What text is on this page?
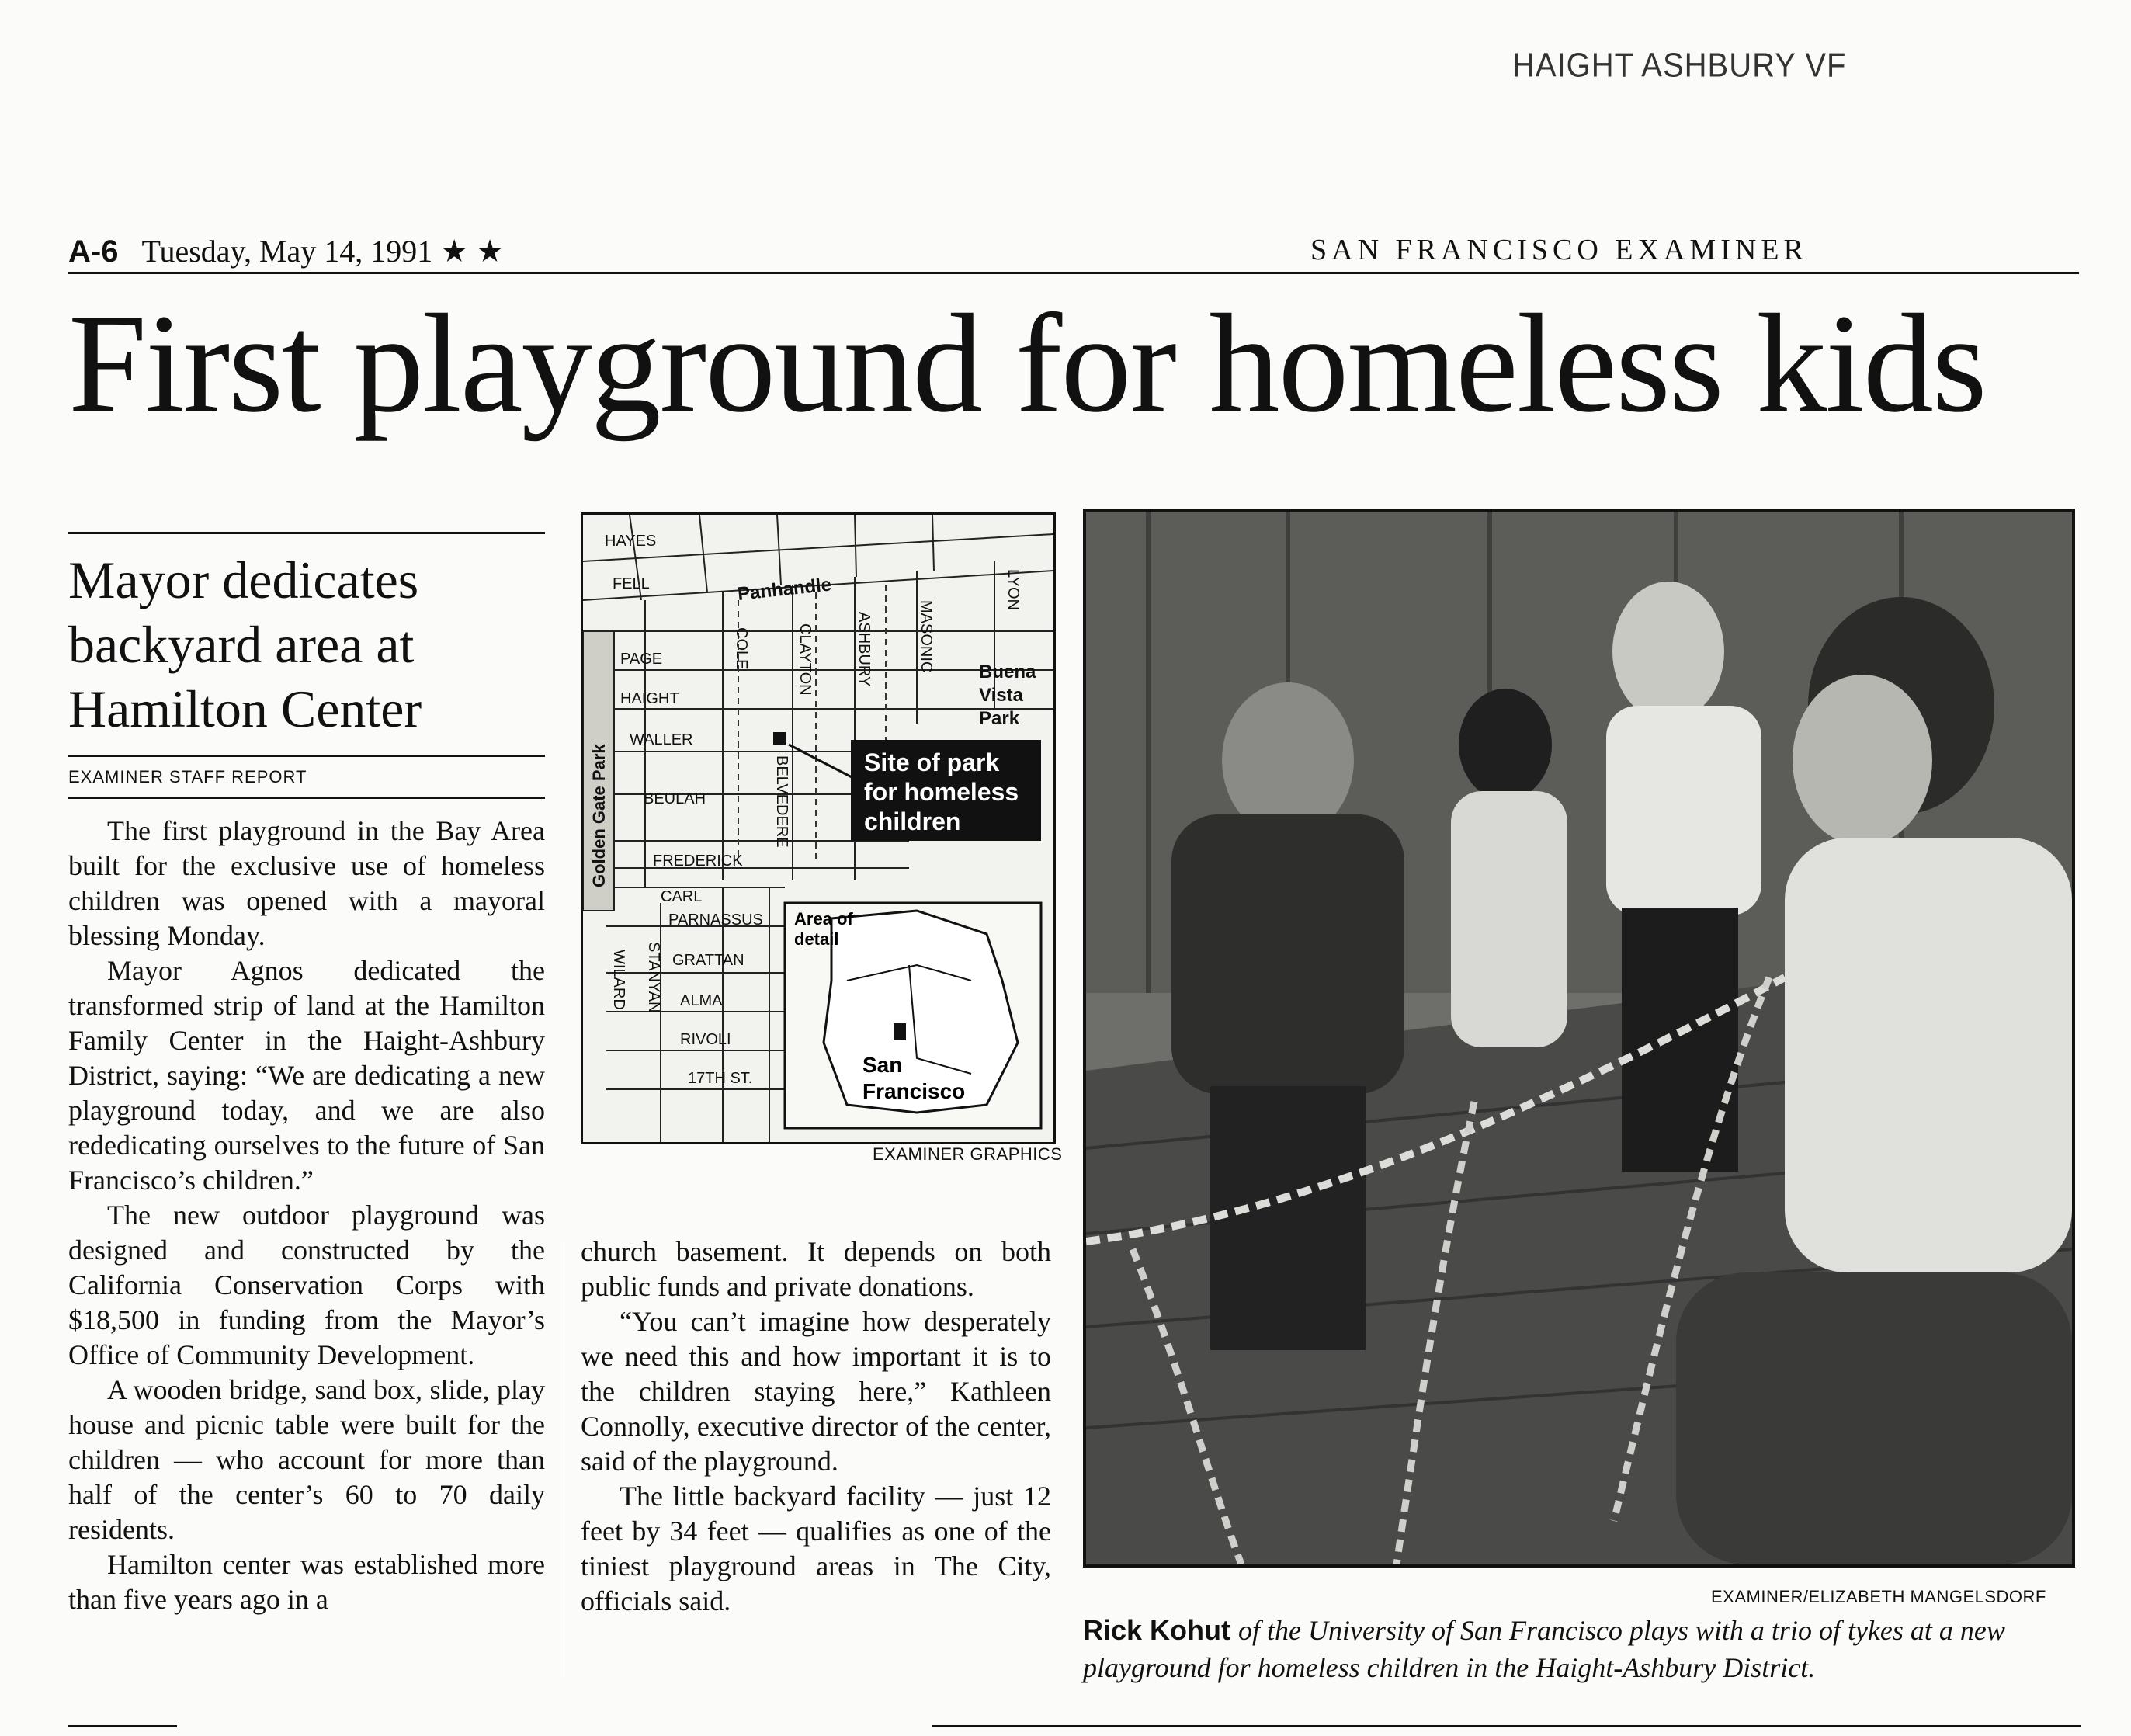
HAIGHT ASHBURY VF
A-6 Tuesday, May 14, 1991 ★ ★	SAN FRANCISCO EXAMINER
First playground for homeless kids
Mayor dedicates backyard area at Hamilton Center
EXAMINER STAFF REPORT

The first playground in the Bay Area built for the exclusive use of homeless children was opened with a mayoral blessing Monday.

Mayor Agnos dedicated the transformed strip of land at the Hamilton Family Center in the Haight-Ashbury District, saying: “We are dedicating a new playground today, and we are also rededicating ourselves to the future of San Francisco’s children.”

The new outdoor playground was designed and constructed by the California Conservation Corps with $18,500 in funding from the Mayor’s Office of Community Development.

A wooden bridge, sand box, slide, play house and picnic table were built for the children — who account for more than half of the center’s 60 to 70 daily residents.

Hamilton center was established more than five years ago in a

Site of park
for homeless
children
HAYES
FELL
PAGE
HAIGHT
WALLER
BEULAH
FREDERICK
CARL
PARNASSUS
GRATTAN
ALMA
RIVOLI
17TH ST.
Panhandle
COLE	CLAYTON	ASHBURY	MASONIC
LYON
BELVEDERE
WILARD STANYAN
Golden Gate Park
Buena
Vista
Park
Area of
detail
San
Francisco
EXAMINER GRAPHICS

church basement. It depends on both public funds and private donations.

“You can’t imagine how desperately we need this and how important it is to the children staying here,” Kathleen Connolly, executive director of the center, said of the playground.

The little backyard facility — just 12 feet by 34 feet — qualifies as one of the tiniest playground areas in The City, officials said.	EXAMINER/ELIZABETH MANGELSDORF
Rick Kohut of the University of San Francisco plays with a trio of tykes at a new playground for homeless children in the Haight-Ashbury District.
